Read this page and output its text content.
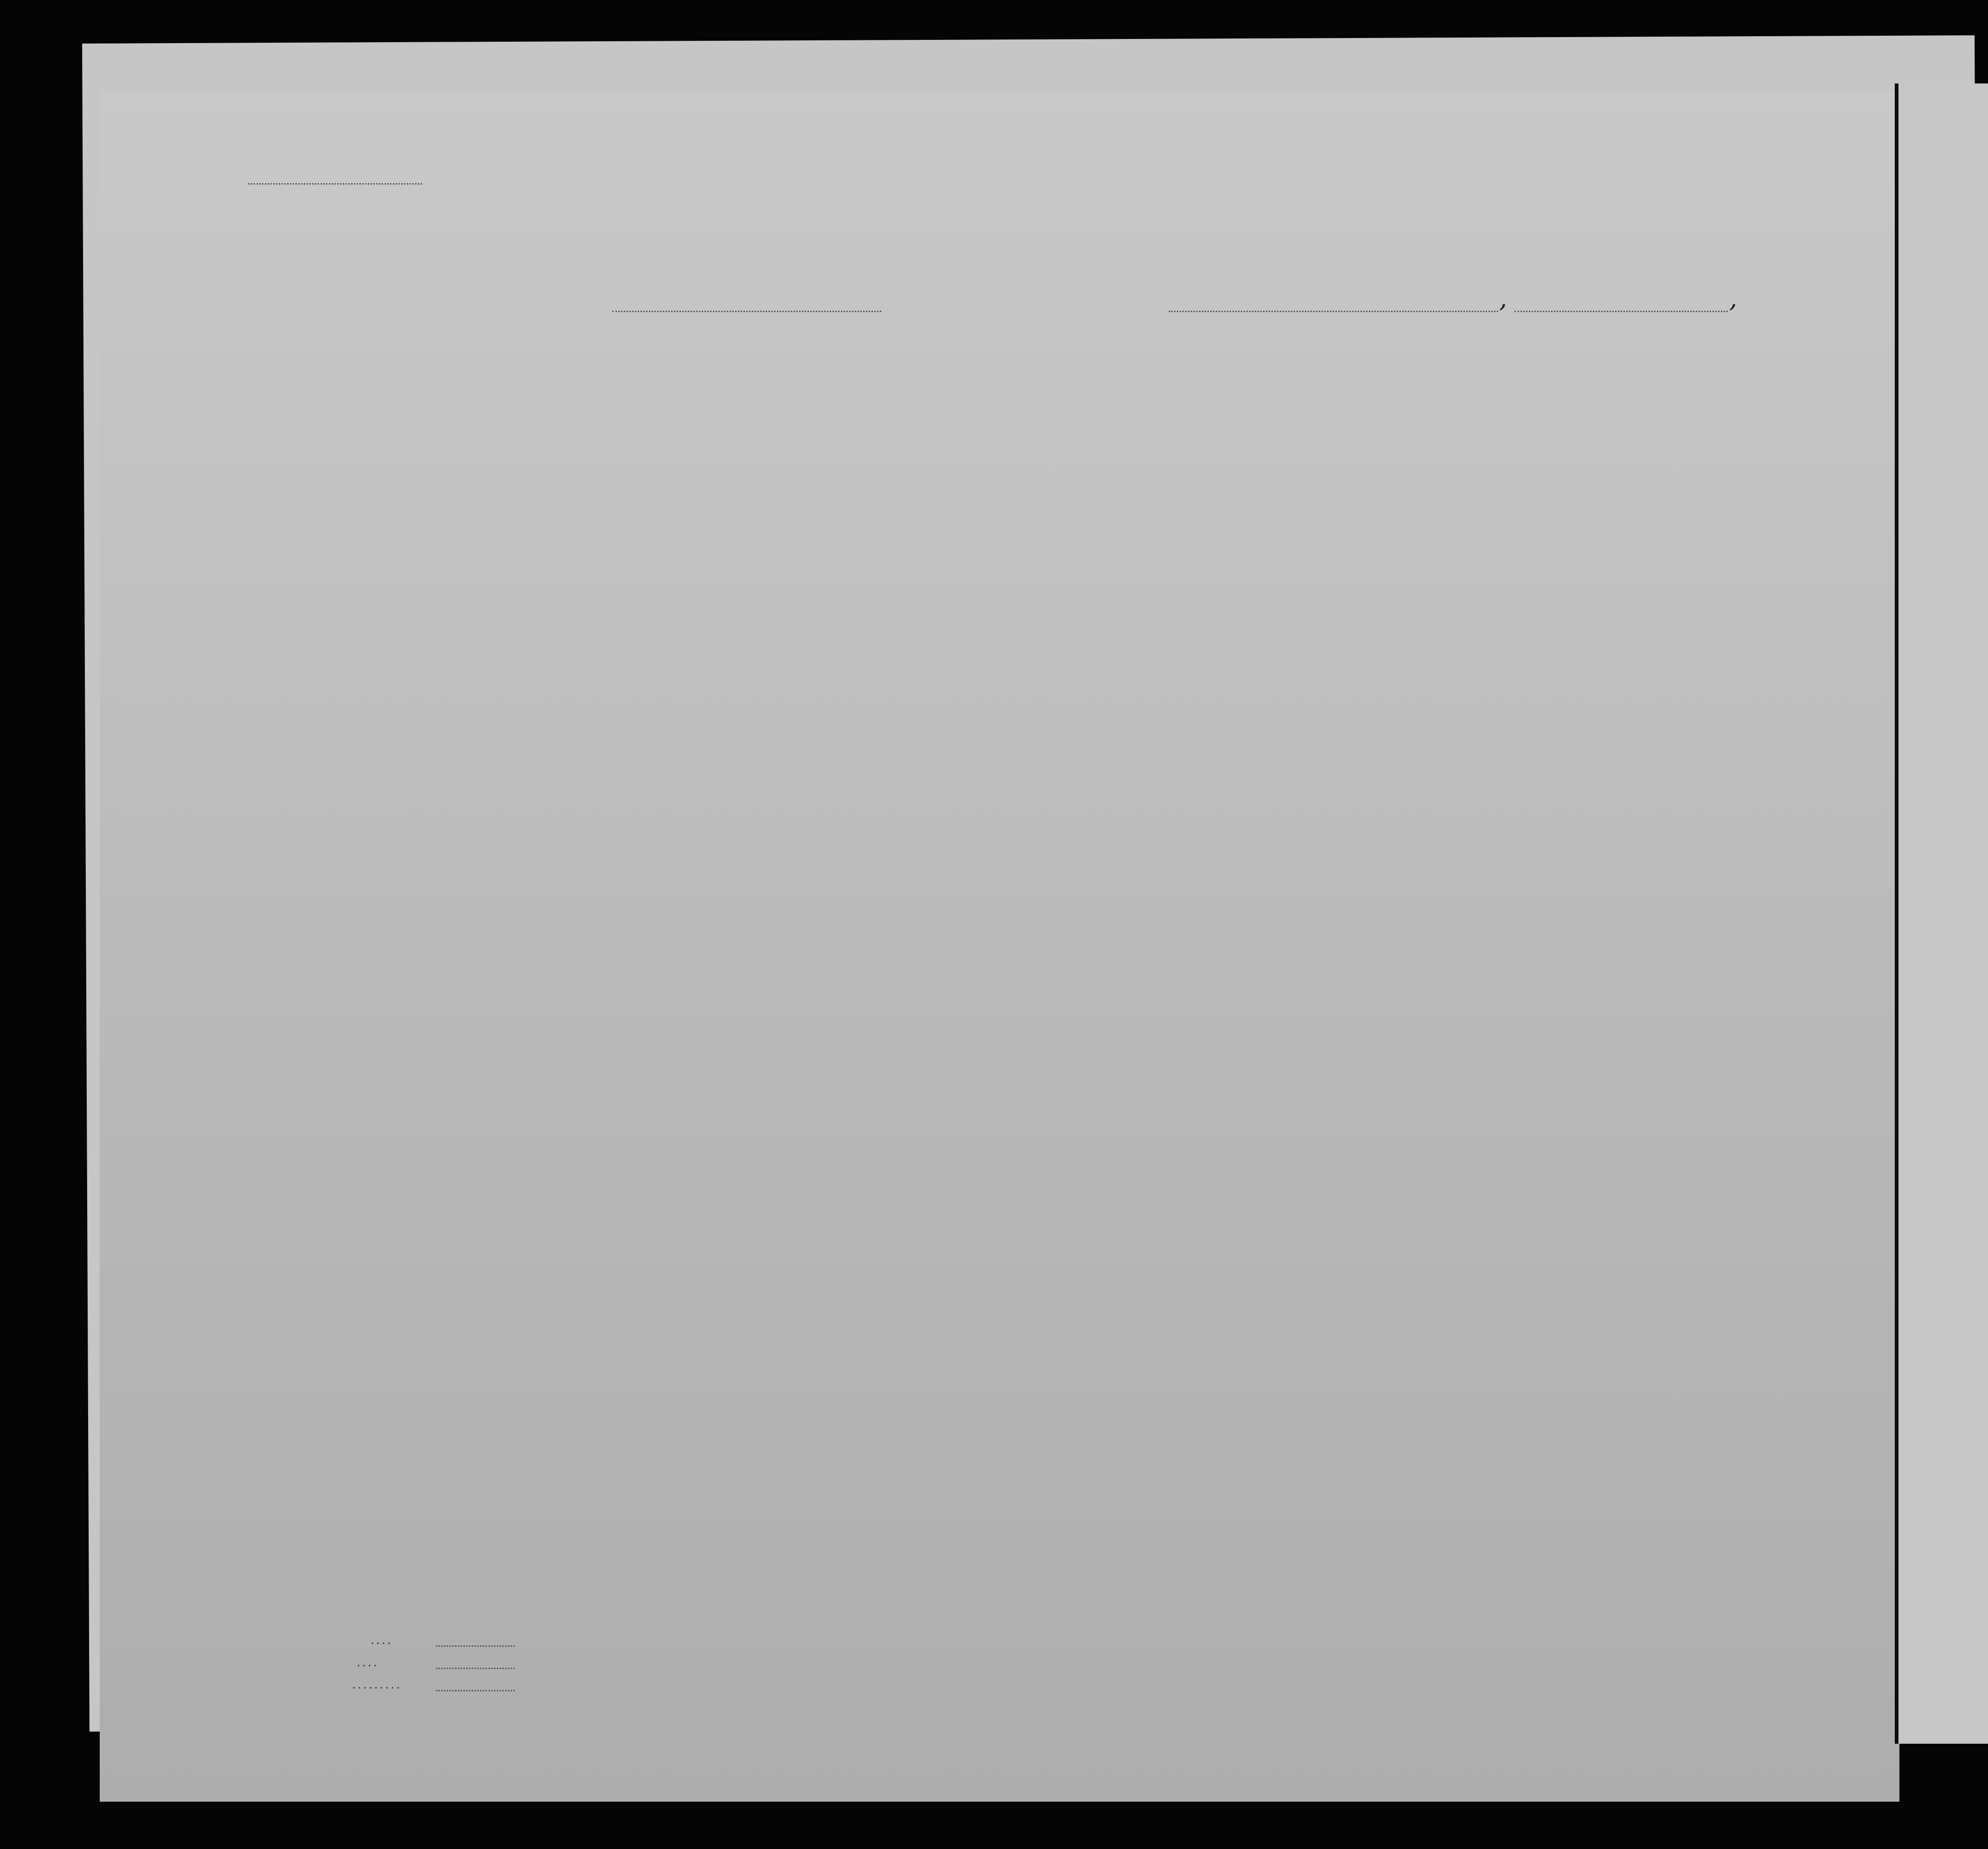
,	,
....
....
.........
